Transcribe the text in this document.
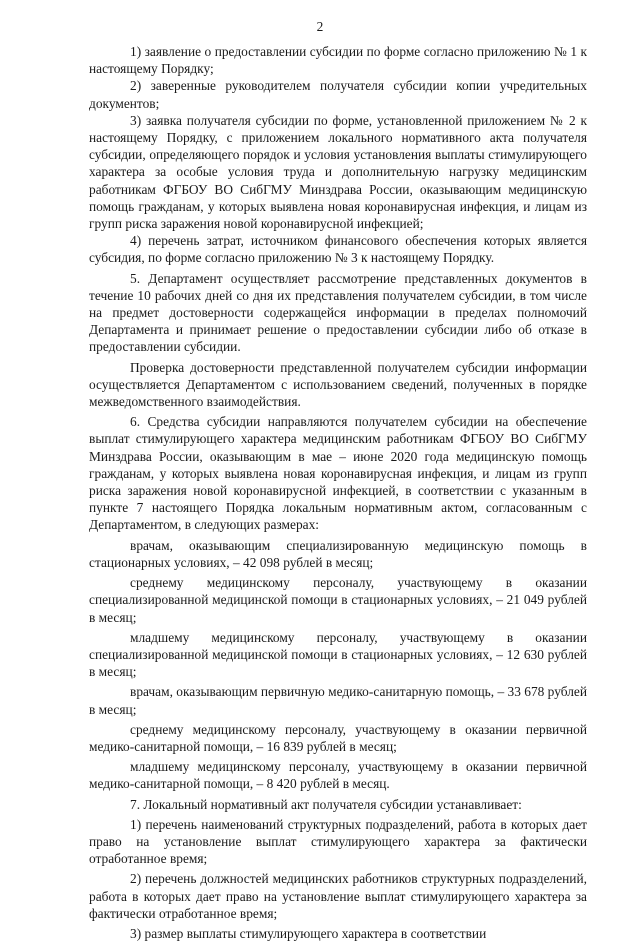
2

1) заявление о предоставлении субсидии по форме согласно приложению № 1 к настоящему Порядку;

2) заверенные руководителем получателя субсидии копии учредительных документов;

3) заявка получателя субсидии по форме, установленной приложением № 2 к настоящему Порядку, с приложением локального нормативного акта получателя субсидии, определяющего порядок и условия установления выплаты стимулирующего характера за особые условия труда и дополнительную нагрузку медицинским работникам ФГБОУ ВО СибГМУ Минздрава России, оказывающим медицинскую помощь гражданам, у которых выявлена новая коронавирусная инфекция, и лицам из групп риска заражения новой коронавирусной инфекцией;

4) перечень затрат, источником финансового обеспечения которых является субсидия, по форме согласно приложению № 3 к настоящему Порядку.

5. Департамент осуществляет рассмотрение представленных документов в течение 10 рабочих дней со дня их представления получателем субсидии, в том числе на предмет достоверности содержащейся информации в пределах полномочий Департамента и принимает решение о предоставлении субсидии либо об отказе в предоставлении субсидии.

Проверка достоверности представленной получателем субсидии информации осуществляется Департаментом с использованием сведений, полученных в порядке межведомственного взаимодействия.

6. Средства субсидии направляются получателем субсидии на обеспечение выплат стимулирующего характера медицинским работникам ФГБОУ ВО СибГМУ Минздрава России, оказывающим в мае – июне 2020 года медицинскую помощь гражданам, у которых выявлена новая коронавирусная инфекция, и лицам из групп риска заражения новой коронавирусной инфекцией, в соответствии с указанным в пункте 7 настоящего Порядка локальным нормативным актом, согласованным с Департаментом, в следующих размерах:

врачам, оказывающим специализированную медицинскую помощь в стационарных условиях, – 42 098 рублей в месяц;

среднему медицинскому персоналу, участвующему в оказании специализированной медицинской помощи в стационарных условиях, – 21 049 рублей в месяц;

младшему медицинскому персоналу, участвующему в оказании специализированной медицинской помощи в стационарных условиях, – 12 630 рублей в месяц;

врачам, оказывающим первичную медико-санитарную помощь, – 33 678 рублей в месяц;

среднему медицинскому персоналу, участвующему в оказании первичной медико-санитарной помощи, – 16 839 рублей в месяц;

младшему медицинскому персоналу, участвующему в оказании первичной медико-санитарной помощи, – 8 420 рублей в месяц.

7. Локальный нормативный акт получателя субсидии устанавливает:

1) перечень наименований структурных подразделений, работа в которых дает право на установление выплат стимулирующего характера за фактически отработанное время;

2) перечень должностей медицинских работников структурных подразделений, работа в которых дает право на установление выплат стимулирующего характера за фактически отработанное время;

3) размер выплаты стимулирующего характера в соответствии
